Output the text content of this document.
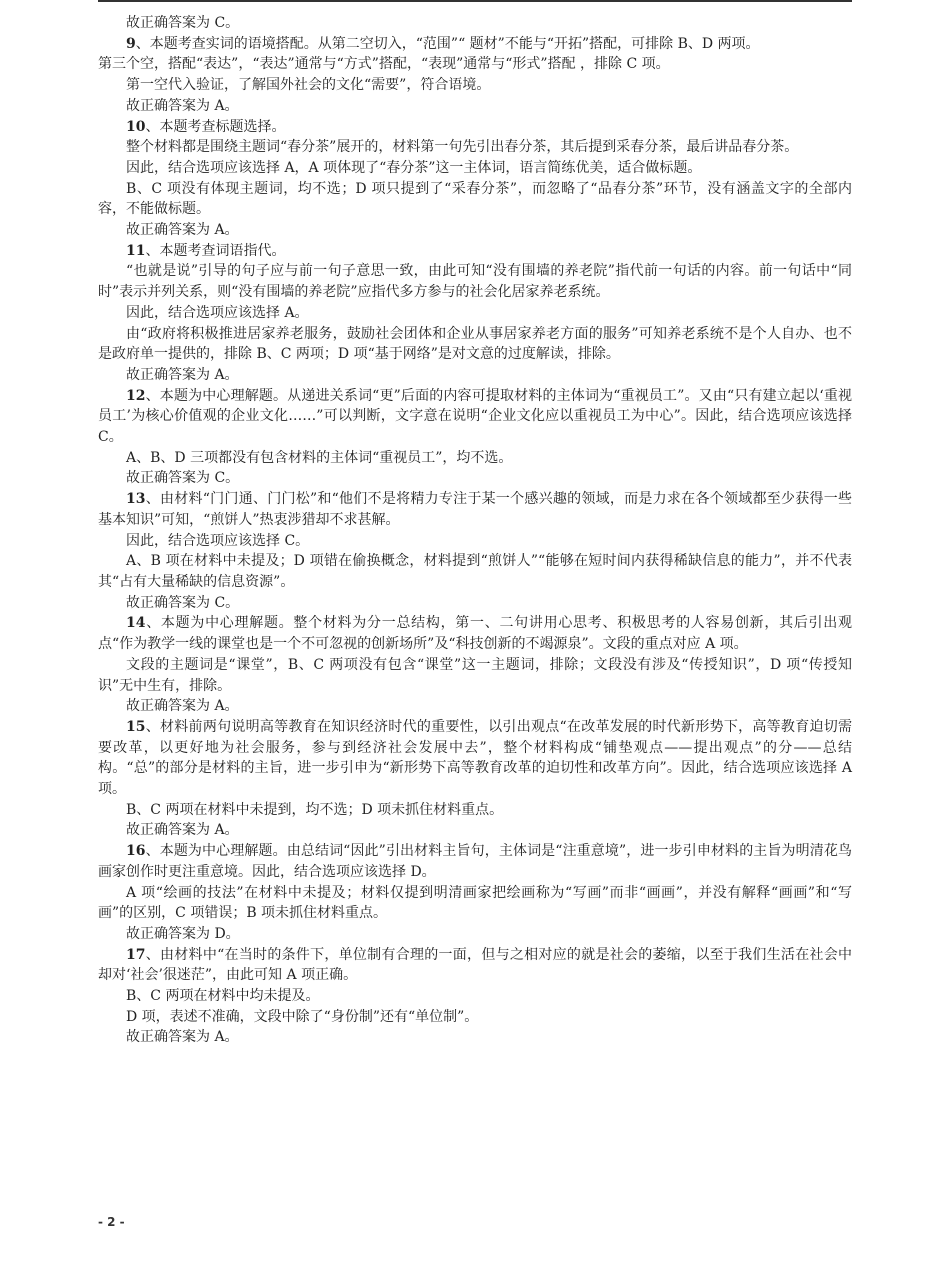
故正确答案为 C。

9、本题考查实词的语境搭配。从第二空切入，“范围”“ 题材”不能与“开拓”搭配，可排除 B、D 两项。

第三个空，搭配“表达”，“表达”通常与“方式”搭配，“表现”通常与“形式”搭配 ，排除 C 项。

第一空代入验证，了解国外社会的文化“需要”，符合语境。

故正确答案为 A。

10、本题考查标题选择。

整个材料都是围绕主题词“春分茶”展开的，材料第一句先引出春分茶，其后提到采春分茶，最后讲品春分茶。

因此，结合选项应该选择 A，A 项体现了“春分茶”这一主体词，语言简练优美，适合做标题。

B、C 项没有体现主题词，均不选；D 项只提到了“采春分茶”，而忽略了“品春分茶”环节，没有涵盖文字的全部内容，不能做标题。

故正确答案为 A。

11、本题考查词语指代。

“也就是说”引导的句子应与前一句子意思一致，由此可知“没有围墙的养老院”指代前一句话的内容。前一句话中“同时”表示并列关系，则“没有围墙的养老院”应指代多方参与的社会化居家养老系统。

因此，结合选项应该选择 A。

由“政府将积极推进居家养老服务，鼓励社会团体和企业从事居家养老方面的服务”可知养老系统不是个人自办、也不是政府单一提供的，排除 B、C 两项；D 项“基于网络”是对文意的过度解读，排除。

故正确答案为 A。

12、本题为中心理解题。从递进关系词“更”后面的内容可提取材料的主体词为“重视员工”。又由“只有建立起以‘重视员工’为核心价值观的企业文化……”可以判断，文字意在说明“企业文化应以重视员工为中心”。因此，结合选项应该选择 C。

A、B、D 三项都没有包含材料的主体词“重视员工”，均不选。

故正确答案为 C。

13、由材料“门门通、门门松”和“他们不是将精力专注于某一个感兴趣的领域，而是力求在各个领域都至少获得一些基本知识”可知，“煎饼人”热衷涉猎却不求甚解。

因此，结合选项应该选择 C。

A、B 项在材料中未提及；D 项错在偷换概念，材料提到“煎饼人”“能够在短时间内获得稀缺信息的能力”，并不代表其“占有大量稀缺的信息资源”。

故正确答案为 C。

14、本题为中心理解题。整个材料为分一总结构，第一、二句讲用心思考、积极思考的人容易创新，其后引出观点“作为教学一线的课堂也是一个不可忽视的创新场所”及“科技创新的不竭源泉”。文段的重点对应 A 项。

文段的主题词是“课堂”，B、C 两项没有包含“课堂”这一主题词，排除；文段没有涉及“传授知识”，D 项“传授知识”无中生有，排除。

故正确答案为 A。

15、材料前两句说明高等教育在知识经济时代的重要性，以引出观点“在改革发展的时代新形势下，高等教育迫切需要改革，以更好地为社会服务，参与到经济社会发展中去”，整个材料构成“铺垫观点——提出观点”的分——总结构。“总”的部分是材料的主旨，进一步引申为“新形势下高等教育改革的迫切性和改革方向”。因此，结合选项应该选择 A 项。

B、C 两项在材料中未提到，均不选；D 项未抓住材料重点。

故正确答案为 A。

16、本题为中心理解题。由总结词“因此”引出材料主旨句，主体词是“注重意境”，进一步引申材料的主旨为明清花鸟画家创作时更注重意境。因此，结合选项应该选择 D。

A 项“绘画的技法”在材料中未提及；材料仅提到明清画家把绘画称为“写画”而非“画画”，并没有解释“画画”和“写画”的区别，C 项错误；B 项未抓住材料重点。

故正确答案为 D。

17、由材料中“在当时的条件下，单位制有合理的一面，但与之相对应的就是社会的萎缩，以至于我们生活在社会中却对‘社会’很迷茫”，由此可知 A 项正确。

B、C 两项在材料中均未提及。

D 项，表述不准确，文段中除了“身份制”还有“单位制”。

故正确答案为 A。

- 2 -
